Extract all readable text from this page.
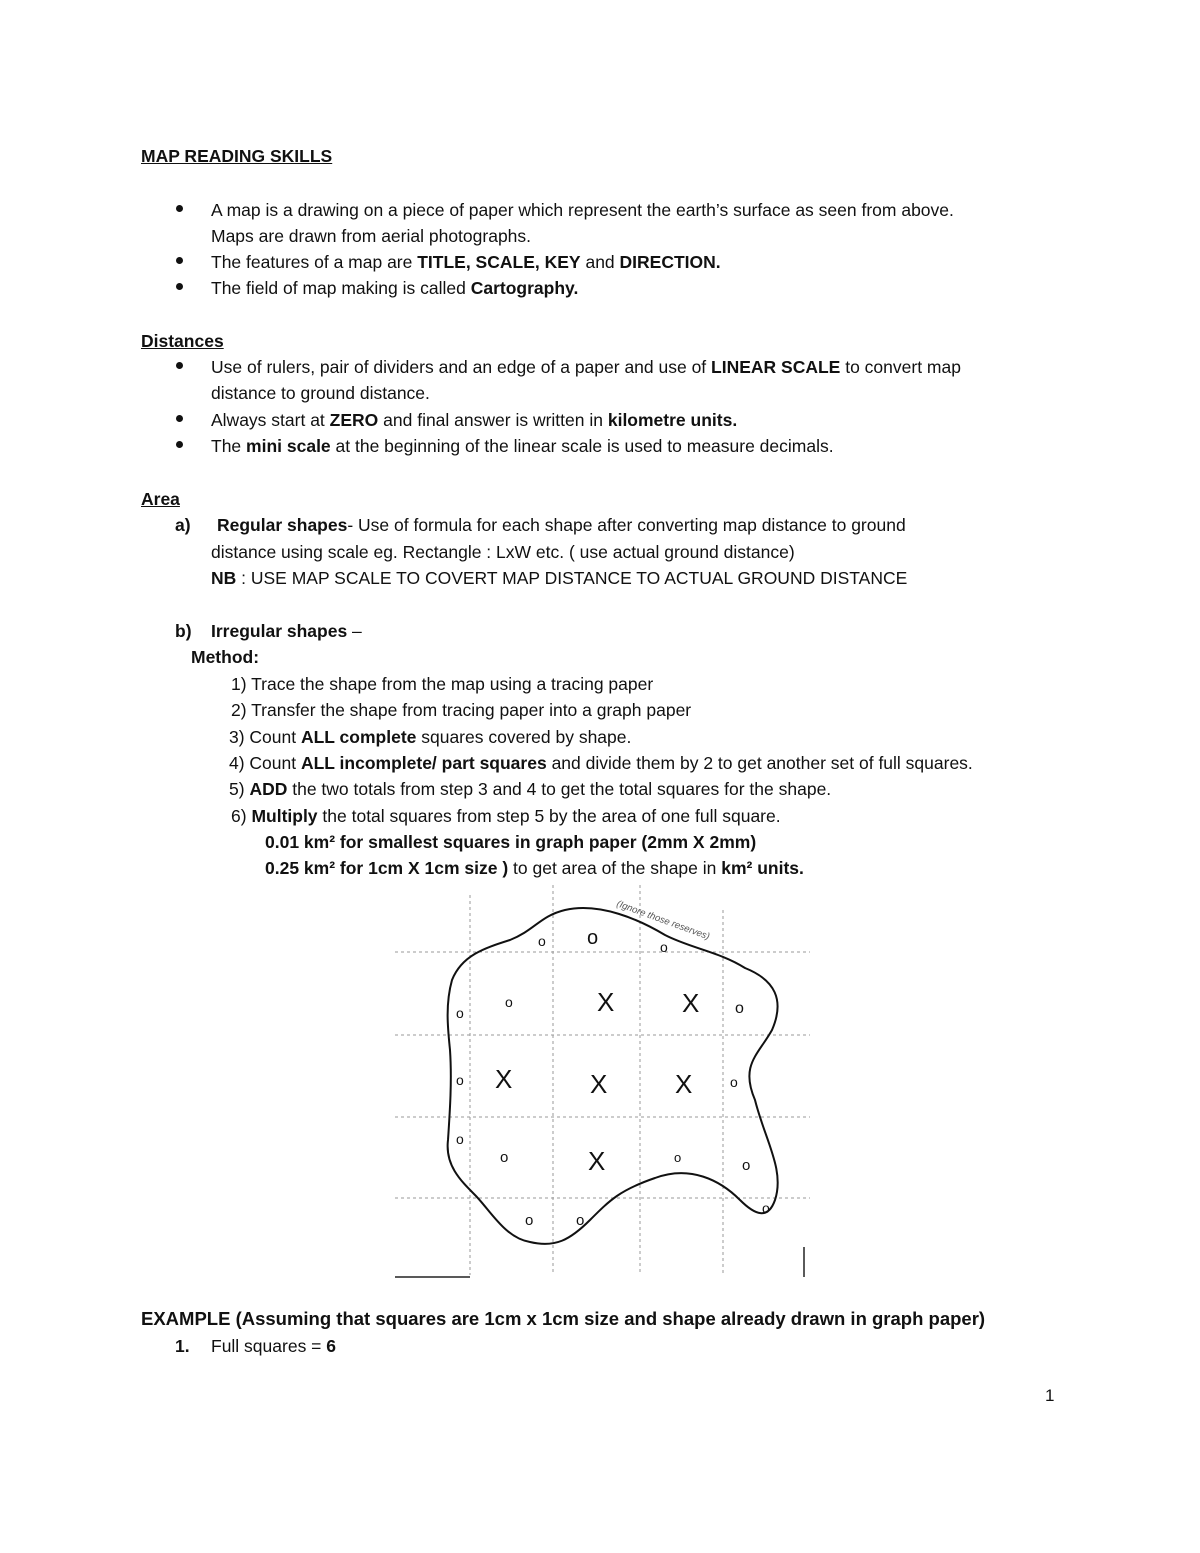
MAP READING SKILLS
A map is a drawing on a piece of paper which represent the earth’s surface as seen from above.
Maps are drawn from aerial photographs.
The features of a map are TITLE, SCALE, KEY and DIRECTION.
The field of map making is called Cartography.
Distances
Use of rulers, pair of dividers and an edge of a paper and use of LINEAR SCALE to convert map
distance to ground distance.
Always start at ZERO and final answer is written in kilometre units.
The mini scale at the beginning of the linear scale is used to measure decimals.
Area
a) Regular shapes- Use of formula for each shape after converting map distance to ground
distance using scale eg. Rectangle : LxW etc. ( use actual ground distance)
NB : USE MAP SCALE TO COVERT MAP DISTANCE TO ACTUAL GROUND DISTANCE
b) Irregular shapes –
Method:
1) Trace the shape from the map using a tracing paper
2) Transfer the shape from tracing paper into a graph paper
3) Count ALL complete squares covered by shape.
4) Count ALL incomplete/ part squares and divide them by 2 to get another set of full squares.
5) ADD the two totals from step 3 and 4 to get the total squares for the shape.
6) Multiply the total squares from step 5 by the area of one full square.
0.01 km² for smallest squares in graph paper (2mm X 2mm)
0.25 km² for 1cm X 1cm size ) to get area of the shape in km² units.
X	X
X	X	X
X
o o	o
o
o	o
o	o
o
o	o	o
o	o
o
(Ignore those reserves)
EXAMPLE (Assuming that squares are 1cm x 1cm size and shape already drawn in graph paper)
1. Full squares = 6
1
